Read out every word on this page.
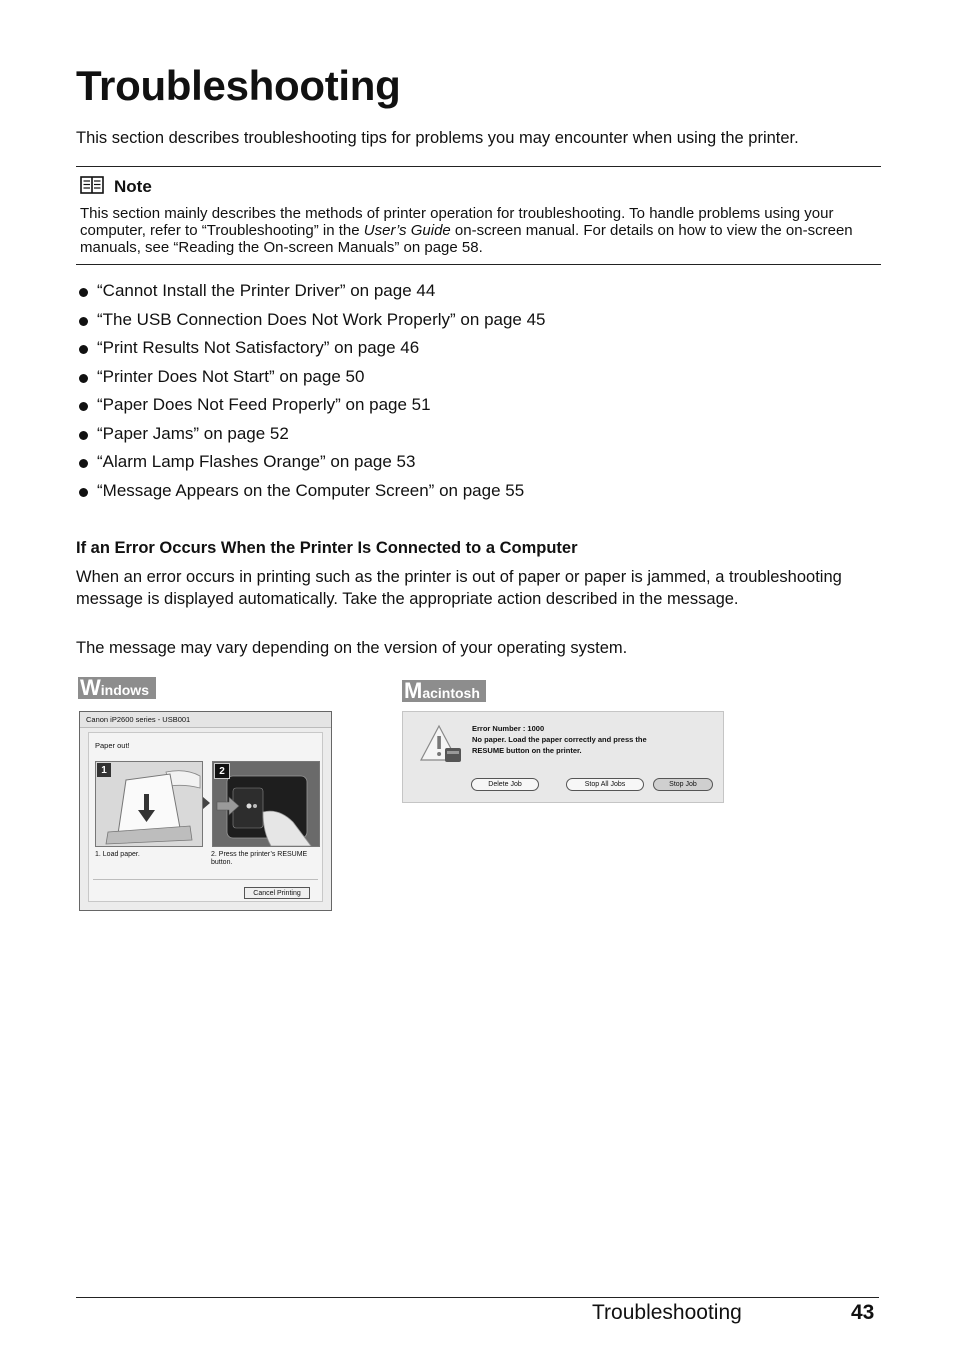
Troubleshooting
This section describes troubleshooting tips for problems you may encounter when using the printer.
Note
This section mainly describes the methods of printer operation for troubleshooting. To handle problems using your computer, refer to “Troubleshooting” in the User’s Guide on-screen manual. For details on how to view the on-screen manuals, see “Reading the On-screen Manuals” on page 58.
“Cannot Install the Printer Driver” on page 44
“The USB Connection Does Not Work Properly” on page 45
“Print Results Not Satisfactory” on page 46
“Printer Does Not Start” on page 50
“Paper Does Not Feed Properly” on page 51
“Paper Jams” on page 52
“Alarm Lamp Flashes Orange” on page 53
“Message Appears on the Computer Screen” on page 55
If an Error Occurs When the Printer Is Connected to a Computer
When an error occurs in printing such as the printer is out of paper or paper is jammed, a troubleshooting message is displayed automatically. Take the appropriate action described in the message.
The message may vary depending on the version of your operating system.
W indows	M acintosh
Canon iP2600 series - USB001
Paper out!
1	2
1. Load paper.	2. Press the printer’s RESUME button.
Cancel Printing
Error Number : 1000
No paper. Load the paper correctly and press the
RESUME button on the printer.
Delete Job	Stop All Jobs	Stop Job
Troubleshooting	43
